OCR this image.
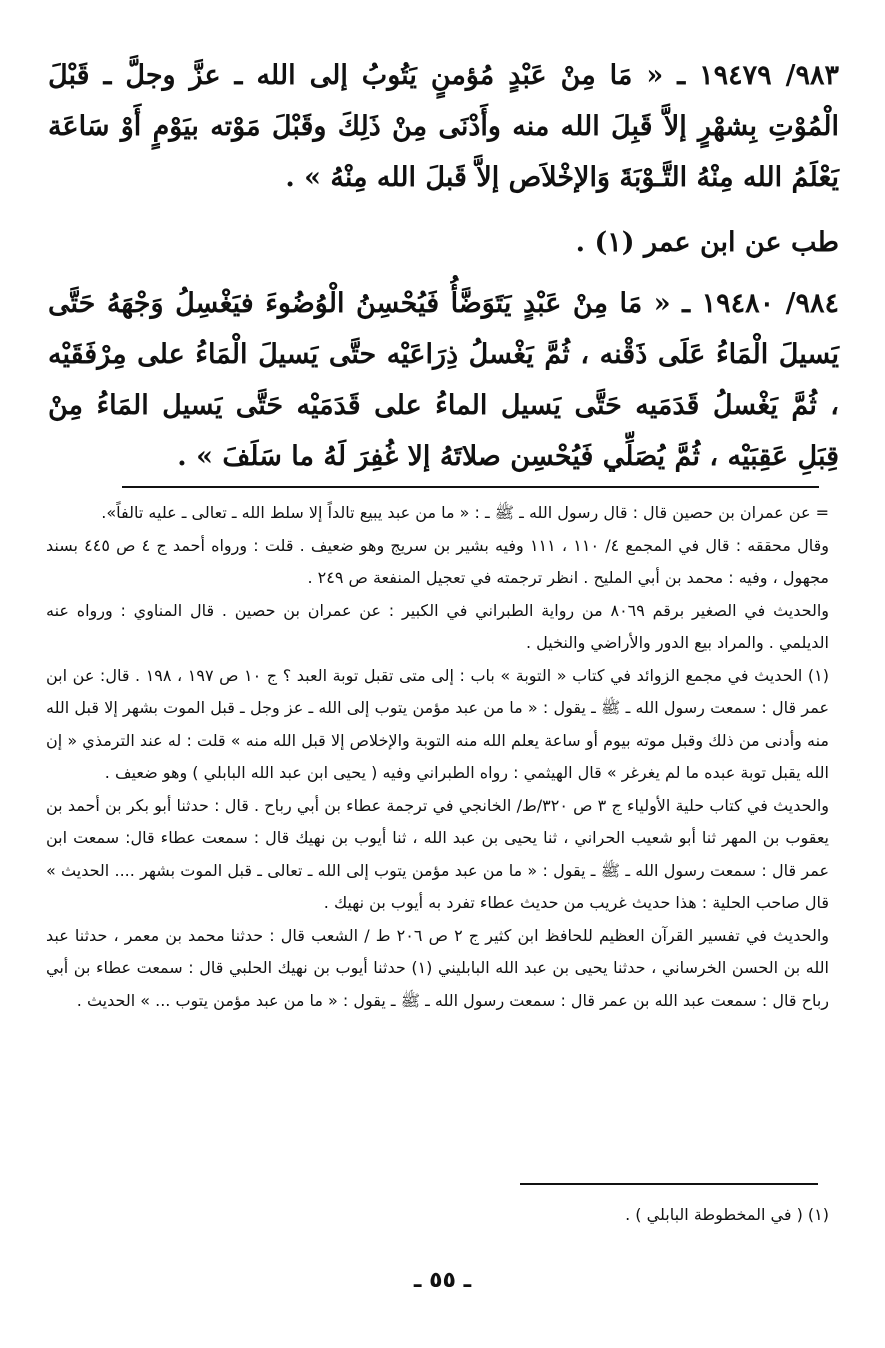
٩٨٣/ ١٩٤٧٩ ـ « مَا مِنْ عَبْدٍ مُؤمنٍ يَتُوبُ إلى الله ـ عزَّ وجلَّ ـ قَبْلَ الْمُوْتِ بِشهْرٍ إلاَّ قَبِلَ الله منه وأَدْنَى مِنْ ذَلِكَ وقَبْلَ مَوْته بيَوْمٍ أَوْ سَاعَة يَعْلَمُ الله مِنْهُ التَّـوْبَةَ وَالإخْلاَص إلاَّ قَبلَ الله مِنْهُ » .

طب عن ابن عمر (١) .

٩٨٤/ ١٩٤٨٠ ـ « مَا مِنْ عَبْدٍ يَتَوَضَّأُ فَيُحْسِنُ الْوُضُوءَ فيَغْسِلُ وَجْهَهُ حَتَّى يَسيلَ الْمَاءُ عَلَى ذَقْنه ، ثُمَّ يَغْسلُ ذِرَاعَيْه حتَّى يَسيلَ الْمَاءُ على مِرْفَقَيْه ، ثُمَّ يَغْسلُ قَدَمَيه حَتَّى يَسيل الماءُ على قَدَمَيْه حَتَّى يَسيل المَاءُ مِنْ قِبَلِ عَقِبَيْه ، ثُمَّ يُصَلِّي فَيُحْسِن صلاتَهُ إلا غُفِرَ لَهُ ما سَلَفَ » .

= عن عمران بن حصين قال : قال رسول الله ـ ﷺ ـ : « ما من عبد يبيع تالداً إلا سلط الله ـ تعالى ـ عليه تالفاً».

وقال محققه : قال في المجمع ٤/ ١١٠ ، ١١١ وفيه بشير بن سريج وهو ضعيف . قلت : ورواه أحمد ج ٤ ص ٤٤٥ بسند مجهول ، وفيه : محمد بن أبي المليح . انظر ترجمته في تعجيل المنفعة ص ٢٤٩ .

والحديث في الصغير برقم ٨٠٦٩ من رواية الطبراني في الكبير : عن عمران بن حصين . قال المناوي : ورواه عنه الديلمي . والمراد بيع الدور والأراضي والنخيل .

(١) الحديث في مجمع الزوائد في كتاب « التوبة » باب : إلى متى تقبل توبة العبد ؟ ج ١٠ ص ١٩٧ ، ١٩٨ . قال: عن ابن عمر قال : سمعت رسول الله ـ ﷺ ـ يقول : « ما من عبد مؤمن يتوب إلى الله ـ عز وجل ـ قبل الموت بشهر إلا قبل الله منه وأدنى من ذلك وقبل موته بيوم أو ساعة يعلم الله منه التوبة والإخلاص إلا قبل الله منه » قلت : له عند الترمذي « إن الله يقبل توبة عبده ما لم يغرغر » قال الهيثمي : رواه الطبراني وفيه ( يحيى ابن عبد الله البابلي ) وهو ضعيف .

والحديث في كتاب حلية الأولياء ج ٣ ص ٣٢٠/ط/ الخانجي في ترجمة عطاء بن أبي رباح . قال : حدثنا أبو بكر بن أحمد بن يعقوب بن المهر ثنا أبو شعيب الحراني ، ثنا يحيى بن عبد الله ، ثنا أيوب بن نهيك قال : سمعت عطاء قال: سمعت ابن عمر قال : سمعت رسول الله ـ ﷺ ـ يقول : « ما من عبد مؤمن يتوب إلى الله ـ تعالى ـ قبل الموت بشهر .... الحديث » قال صاحب الحلية : هذا حديث غريب من حديث عطاء تفرد به أيوب بن نهيك .

والحديث في تفسير القرآن العظيم للحافظ ابن كثير ج ٢ ص ٢٠٦ ط / الشعب قال : حدثنا محمد بن معمر ، حدثنا عبد الله بن الحسن الخرساني ، حدثنا يحيى بن عبد الله البابليني (١) حدثنا أيوب بن نهيك الحلبي قال : سمعت عطاء بن أبي رباح قال : سمعت عبد الله بن عمر قال : سمعت رسول الله ـ ﷺ ـ يقول : « ما من عبد مؤمن يتوب ... » الحديث .

(١) ( في المخطوطة البابلي ) .
ـ ٥٥ ـ
